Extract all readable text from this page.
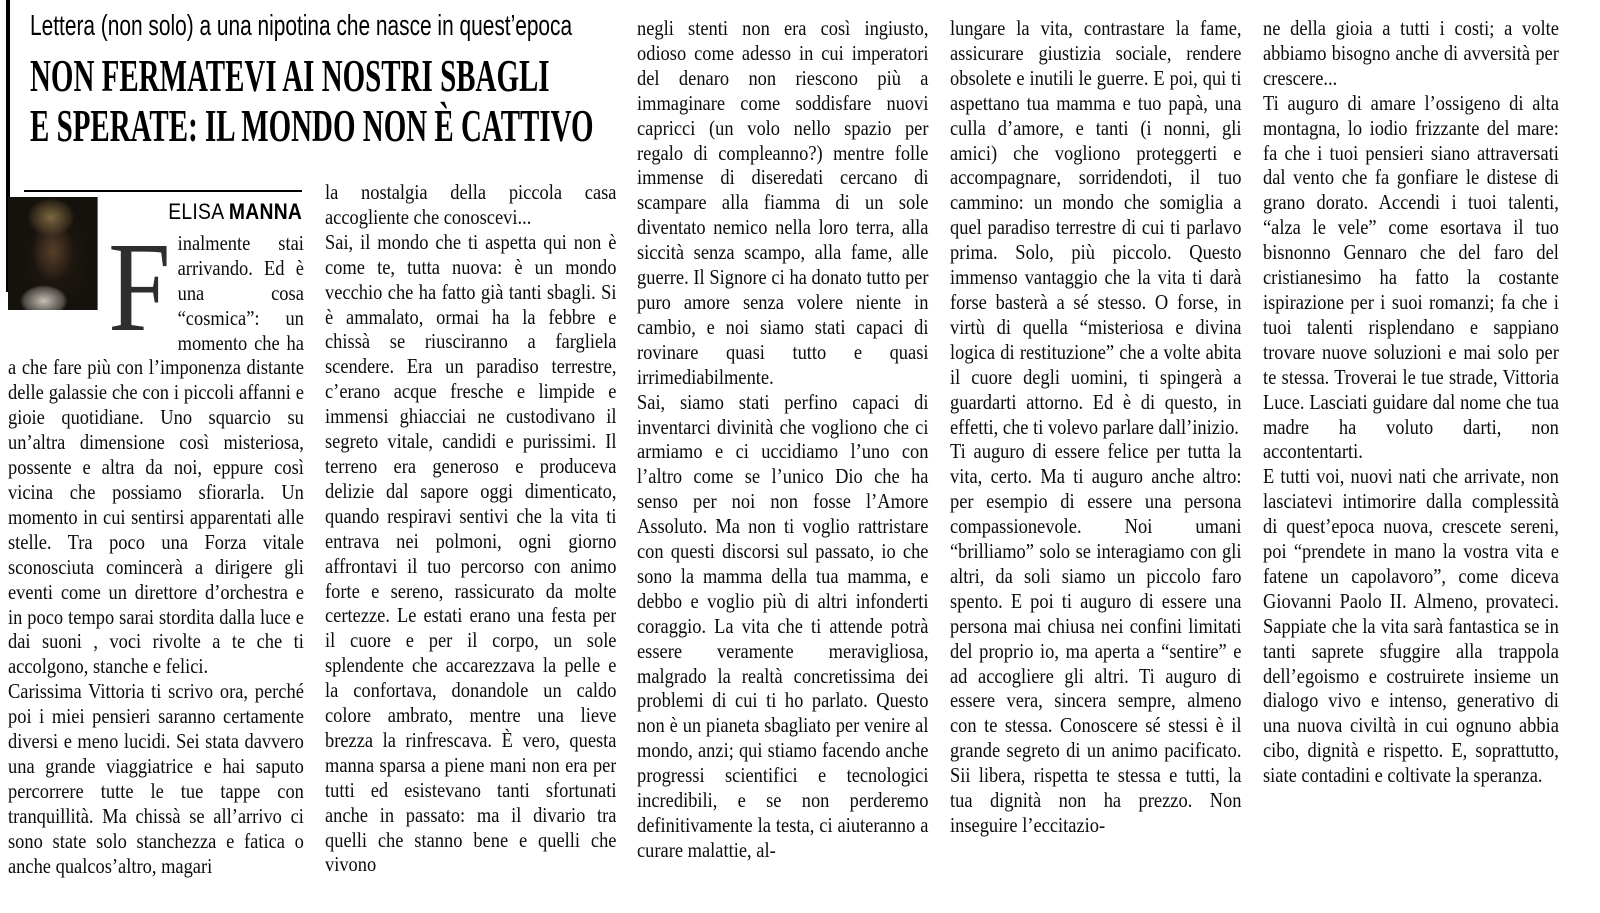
Lettera (non solo) a una nipotina che nasce in quest’epoca
NON FERMATEVI AI NOSTRI SBAGLI
E SPERATE: IL MONDO NON È CATTIVO
ELISA MANNA
F inalmente stai arrivando. Ed è una cosa “cosmica”: un momento che ha a che fare più con l’imponenza distante delle galassie che con i piccoli affanni e gioie quotidiane. Uno squarcio su un’altra dimensione così misteriosa, possente e altra da noi, eppure così vicina che possiamo sfiorarla. Un momento in cui sentirsi apparentati alle stelle. Tra poco una Forza vitale sconosciuta comincerà a dirigere gli eventi come un direttore d’orchestra e in poco tempo sarai stordita dalla luce e dai suoni , voci rivolte a te che ti accolgono, stanche e felici.

Carissima Vittoria ti scrivo ora, perché poi i miei pensieri saranno certamente diversi e meno lucidi. Sei stata davvero una grande viaggiatrice e hai saputo percorrere tutte le tue tappe con tranquillità. Ma chissà se all’arrivo ci sono state solo stanchezza e fatica o anche qualcos’altro, magari

la nostalgia della piccola casa accogliente che conoscevi...

Sai, il mondo che ti aspetta qui non è come te, tutta nuova: è un mondo vecchio che ha fatto già tanti sbagli. Si è ammalato, ormai ha la febbre e chissà se riusciranno a fargliela scendere. Era un paradiso terrestre, c’erano acque fresche e limpide e immensi ghiacciai ne custodivano il segreto vitale, candidi e purissimi. Il terreno era generoso e produceva delizie dal sapore oggi dimenticato, quando respiravi sentivi che la vita ti entrava nei polmoni, ogni giorno affrontavi il tuo percorso con animo forte e sereno, rassicurato da molte certezze. Le estati erano una festa per il cuore e per il corpo, un sole splendente che accarezzava la pelle e la confortava, donandole un caldo colore ambrato, mentre una lieve brezza la rinfrescava. È vero, questa manna sparsa a piene mani non era per tutti ed esistevano tanti sfortunati anche in passato: ma il divario tra quelli che stanno bene e quelli che vivono

negli stenti non era così ingiusto, odioso come adesso in cui imperatori del denaro non riescono più a immaginare come soddisfare nuovi capricci (un volo nello spazio per regalo di compleanno?) mentre folle immense di diseredati cercano di scampare alla fiamma di un sole diventato nemico nella loro terra, alla siccità senza scampo, alla fame, alle guerre. Il Signore ci ha donato tutto per puro amore senza volere niente in cambio, e noi siamo stati capaci di rovinare quasi tutto e quasi irrimediabilmente.

Sai, siamo stati perfino capaci di inventarci divinità che vogliono che ci armiamo e ci uccidiamo l’uno con l’altro come se l’unico Dio che ha senso per noi non fosse l’Amore Assoluto. Ma non ti voglio rattristare con questi discorsi sul passato, io che sono la mamma della tua mamma, e debbo e voglio più di altri infonderti coraggio. La vita che ti attende potrà essere veramente meravigliosa, malgrado la realtà concretissima dei problemi di cui ti ho parlato. Questo non è un pianeta sbagliato per venire al mondo, anzi; qui stiamo facendo anche progressi scientifici e tecnologici incredibili, e se non perderemo definitivamente la testa, ci aiuteranno a curare malattie, al-

lungare la vita, contrastare la fame, assicurare giustizia sociale, rendere obsolete e inutili le guerre. E poi, qui ti aspettano tua mamma e tuo papà, una culla d’amore, e tanti (i nonni, gli amici) che vogliono proteggerti e accompagnare, sorridendoti, il tuo cammino: un mondo che somiglia a quel paradiso terrestre di cui ti parlavo prima. Solo, più piccolo. Questo immenso vantaggio che la vita ti darà forse basterà a sé stesso. O forse, in virtù di quella “misteriosa e divina logica di restituzione” che a volte abita il cuore degli uomini, ti spingerà a guardarti attorno. Ed è di questo, in effetti, che ti volevo parlare dall’inizio.

Ti auguro di essere felice per tutta la vita, certo. Ma ti auguro anche altro: per esempio di essere una persona compassionevole. Noi umani “brilliamo” solo se interagiamo con gli altri, da soli siamo un piccolo faro spento. E poi ti auguro di essere una persona mai chiusa nei confini limitati del proprio io, ma aperta a “sentire” e ad accogliere gli altri. Ti auguro di essere vera, sincera sempre, almeno con te stessa. Conoscere sé stessi è il grande segreto di un animo pacificato. Sii libera, rispetta te stessa e tutti, la tua dignità non ha prezzo. Non inseguire l’eccitazio-

ne della gioia a tutti i costi; a volte abbiamo bisogno anche di avversità per crescere...

Ti auguro di amare l’ossigeno di alta montagna, lo iodio frizzante del mare: fa che i tuoi pensieri siano attraversati dal vento che fa gonfiare le distese di grano dorato. Accendi i tuoi talenti, “alza le vele” come esortava il tuo bisnonno Gennaro che del faro del cristianesimo ha fatto la costante ispirazione per i suoi romanzi; fa che i tuoi talenti risplendano e sappiano trovare nuove soluzioni e mai solo per te stessa. Troverai le tue strade, Vittoria Luce. Lasciati guidare dal nome che tua madre ha voluto darti, non accontentarti.

E tutti voi, nuovi nati che arrivate, non lasciatevi intimorire dalla complessità di quest’epoca nuova, crescete sereni, poi “prendete in mano la vostra vita e fatene un capolavoro”, come diceva Giovanni Paolo II. Almeno, provateci. Sappiate che la vita sarà fantastica se in tanti saprete sfuggire alla trappola dell’egoismo e costruirete insieme un dialogo vivo e intenso, generativo di una nuova civiltà in cui ognuno abbia cibo, dignità e rispetto. E, soprattutto, siate contadini e coltivate la speranza.
